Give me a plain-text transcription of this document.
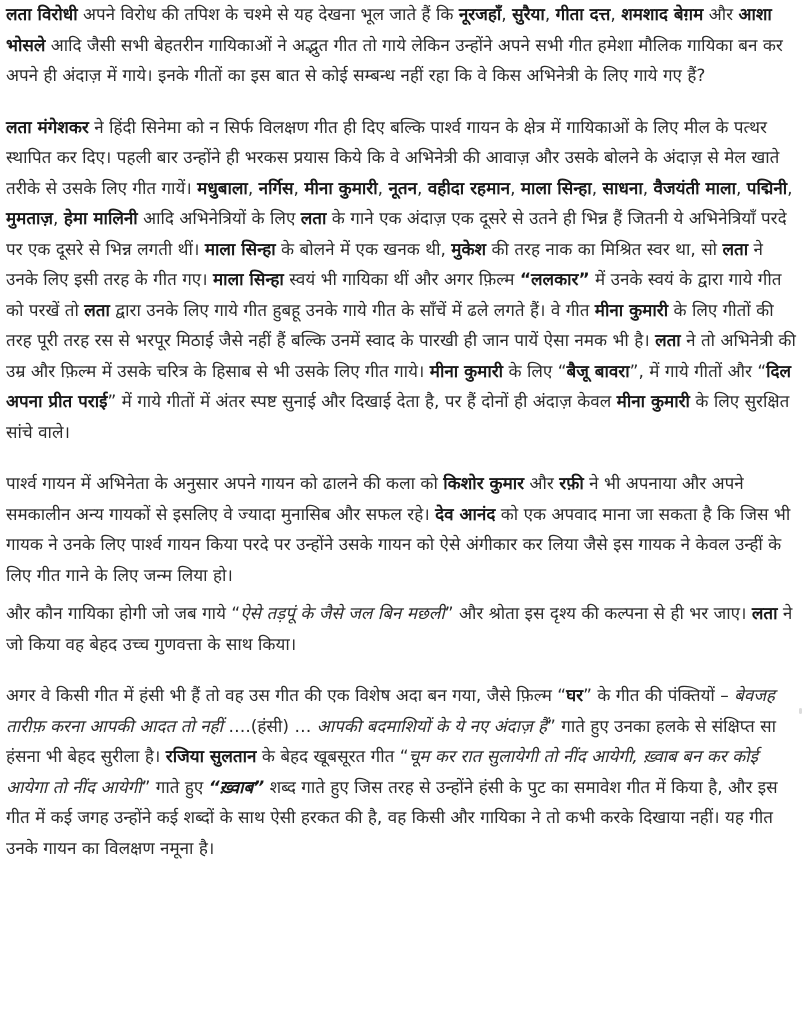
लता विरोधी अपने विरोध की तपिश के चश्मे से यह देखना भूल जाते हैं कि नूरजहाँ, सुरैया, गीता दत्त, शमशाद बेग़म और आशा भोसले आदि जैसी सभी बेहतरीन गायिकाओं ने अद्भुत गीत तो गाये लेकिन उन्होंने अपने सभी गीत हमेशा मौलिक गायिका बन कर अपने ही अंदाज़ में गाये। इनके गीतों का इस बात से कोई सम्बन्ध नहीं रहा कि वे किस अभिनेत्री के लिए गाये गए हैं?

लता मंगेशकर ने हिंदी सिनेमा को न सिर्फ विलक्षण गीत ही दिए बल्कि पार्श्व गायन के क्षेत्र में गायिकाओं के लिए मील के पत्थर स्थापित कर दिए। पहली बार उन्होंने ही भरकस प्रयास किये कि वे अभिनेत्री की आवाज़ और उसके बोलने के अंदाज़ से मेल खाते तरीके से उसके लिए गीत गायें। मधुबाला, नर्गिस, मीना कुमारी, नूतन, वहीदा रहमान, माला सिन्हा, साधना, वैजयंती माला, पद्मिनी, मुमताज़, हेमा मालिनी आदि अभिनेत्रियों के लिए लता के गाने एक अंदाज़ एक दूसरे से उतने ही भिन्न हैं जितनी ये अभिनेत्रियाँ परदे पर एक दूसरे से भिन्न लगती थीं। माला सिन्हा के बोलने में एक खनक थी, मुकेश की तरह नाक का मिश्रित स्वर था, सो लता ने उनके लिए इसी तरह के गीत गए। माला सिन्हा स्वयं भी गायिका थीं और अगर फ़िल्म “ललकार” में उनके स्वयं के द्वारा गाये गीत को परखें तो लता द्वारा उनके लिए गाये गीत हुबहू उनके गाये गीत के साँचें में ढले लगते हैं। वे गीत मीना कुमारी के लिए गीतों की तरह पूरी तरह रस से भरपूर मिठाई जैसे नहीं हैं बल्कि उनमें स्वाद के पारखी ही जान पायें ऐसा नमक भी है। लता ने तो अभिनेत्री की उम्र और फ़िल्म में उसके चरित्र के हिसाब से भी उसके लिए गीत गाये। मीना कुमारी के लिए “बैजू बावरा”, में गाये गीतों और “दिल अपना प्रीत पराई” में गाये गीतों में अंतर स्पष्ट सुनाई और दिखाई देता है, पर हैं दोनों ही अंदाज़ केवल मीना कुमारी के लिए सुरक्षित सांचे वाले।

पार्श्व गायन में अभिनेता के अनुसार अपने गायन को ढालने की कला को किशोर कुमार और रफ़ी ने भी अपनाया और अपने समकालीन अन्य गायकों से इसलिए वे ज्यादा मुनासिब और सफल रहे। देव आनंद को एक अपवाद माना जा सकता है कि जिस भी गायक ने उनके लिए पार्श्व गायन किया परदे पर उन्होंने उसके गायन को ऐसे अंगीकार कर लिया जैसे इस गायक ने केवल उन्हीं के लिए गीत गाने के लिए जन्म लिया हो।

और कौन गायिका होगी जो जब गाये “ऐसे तड़पूं के जैसे जल बिन मछली” और श्रोता इस दृश्य की कल्पना से ही भर जाए। लता ने जो किया वह बेहद उच्च गुणवत्ता के साथ किया।

अगर वे किसी गीत में हंसी भी हैं तो वह उस गीत की एक विशेष अदा बन गया, जैसे फ़िल्म “घर” के गीत की पंक्तियों – बेवजह तारीफ़ करना आपकी आदत तो नहीं ….(हंसी) … आपकी बदमाशियों के ये नए अंदाज़ हैं” गाते हुए उनका हलके से संक्षिप्त सा हंसना भी बेहद सुरीला है। रजिया सुलतान के बेहद खूबसूरत गीत “चूम कर रात सुलायेगी तो नींद आयेगी, ख़्वाब बन कर कोई आयेगा तो नींद आयेगी” गाते हुए “ख़्वाब” शब्द गाते हुए जिस तरह से उन्होंने हंसी के पुट का समावेश गीत में किया है, और इस गीत में कई जगह उन्होंने कई शब्दों के साथ ऐसी हरकत की है, वह किसी और गायिका ने तो कभी करके दिखाया नहीं। यह गीत उनके गायन का विलक्षण नमूना है।
